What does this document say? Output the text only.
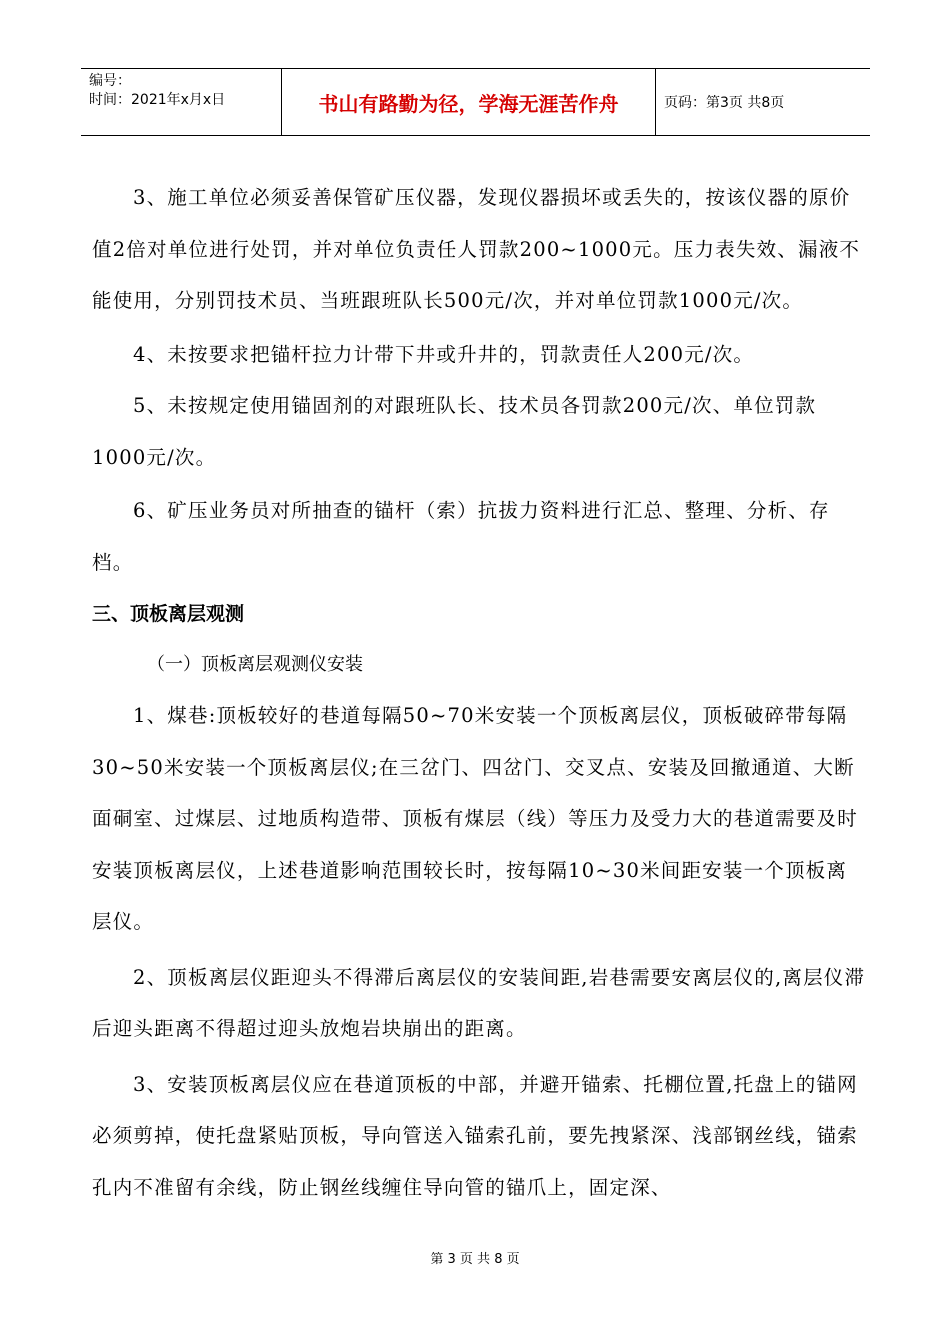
编号：
时间：2021年x月x日	书山有路勤为径，学海无涯苦作舟	页码：第3页 共8页

3、施工单位必须妥善保管矿压仪器，发现仪器损坏或丢失的，按该仪器的原价值2倍对单位进行处罚，并对单位负责任人罚款200~1000元。压力表失效、漏液不能使用，分别罚技术员、当班跟班队长500元/次，并对单位罚款1000元/次。

4、未按要求把锚杆拉力计带下井或升井的，罚款责任人200元/次。

5、未按规定使用锚固剂的对跟班队长、技术员各罚款200元/次、单位罚款1000元/次。

6、矿压业务员对所抽查的锚杆（索）抗拔力资料进行汇总、整理、分析、存档。

三、顶板离层观测

（一）顶板离层观测仪安装

1、煤巷:顶板较好的巷道每隔50~70米安装一个顶板离层仪，顶板破碎带每隔30~50米安装一个顶板离层仪;在三岔门、四岔门、交叉点、安装及回撤通道、大断面硐室、过煤层、过地质构造带、顶板有煤层（线）等压力及受力大的巷道需要及时安装顶板离层仪，上述巷道影响范围较长时，按每隔10~30米间距安装一个顶板离层仪。

2、顶板离层仪距迎头不得滞后离层仪的安装间距,岩巷需要安离层仪的,离层仪滞后迎头距离不得超过迎头放炮岩块崩出的距离。

3、安装顶板离层仪应在巷道顶板的中部，并避开锚索、托棚位置,托盘上的锚网必须剪掉，使托盘紧贴顶板，导向管送入锚索孔前，要先拽紧深、浅部钢丝线，锚索孔内不准留有余线，防止钢丝线缠住导向管的锚爪上，固定深、

第 3 页 共 8 页
